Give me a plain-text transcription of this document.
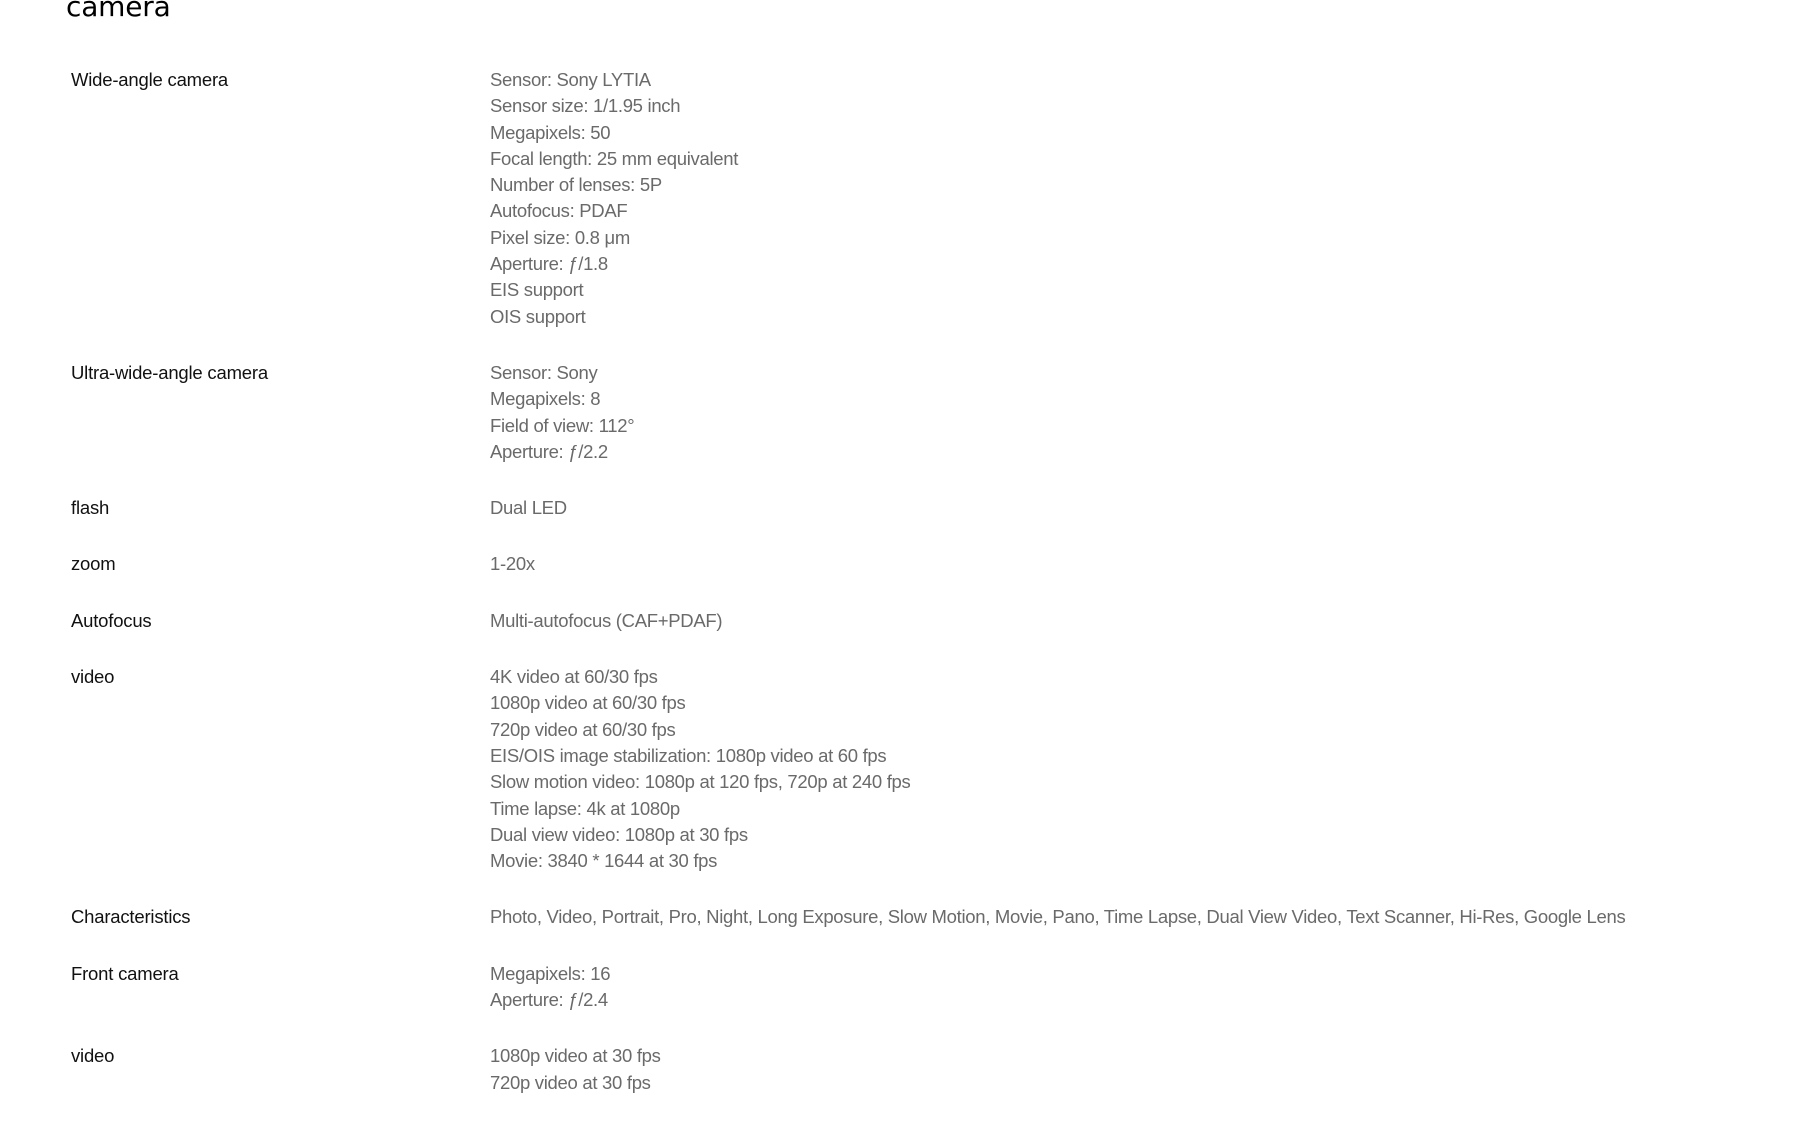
camera
Wide-angle camera	Sensor: Sony LYTIA
Sensor size: 1/1.95 inch
Megapixels: 50
Focal length: 25 mm equivalent
Number of lenses: 5P
Autofocus: PDAF
Pixel size: 0.8 μm
Aperture: ƒ/1.8
EIS support
OIS support
Ultra-wide-angle camera	Sensor: Sony
Megapixels: 8
Field of view: 112°
Aperture: ƒ/2.2
flash	Dual LED
zoom	1-20x
Autofocus	Multi-autofocus (CAF+PDAF)
video	4K video at 60/30 fps
1080p video at 60/30 fps
720p video at 60/30 fps
EIS/OIS image stabilization: 1080p video at 60 fps
Slow motion video: 1080p at 120 fps, 720p at 240 fps
Time lapse: 4k at 1080p
Dual view video: 1080p at 30 fps
Movie: 3840 * 1644 at 30 fps
Characteristics	Photo, Video, Portrait, Pro, Night, Long Exposure, Slow Motion, Movie, Pano, Time Lapse, Dual View Video, Text Scanner, Hi-Res, Google Lens
Front camera	Megapixels: 16
Aperture: ƒ/2.4
video	1080p video at 30 fps
720p video at 30 fps
